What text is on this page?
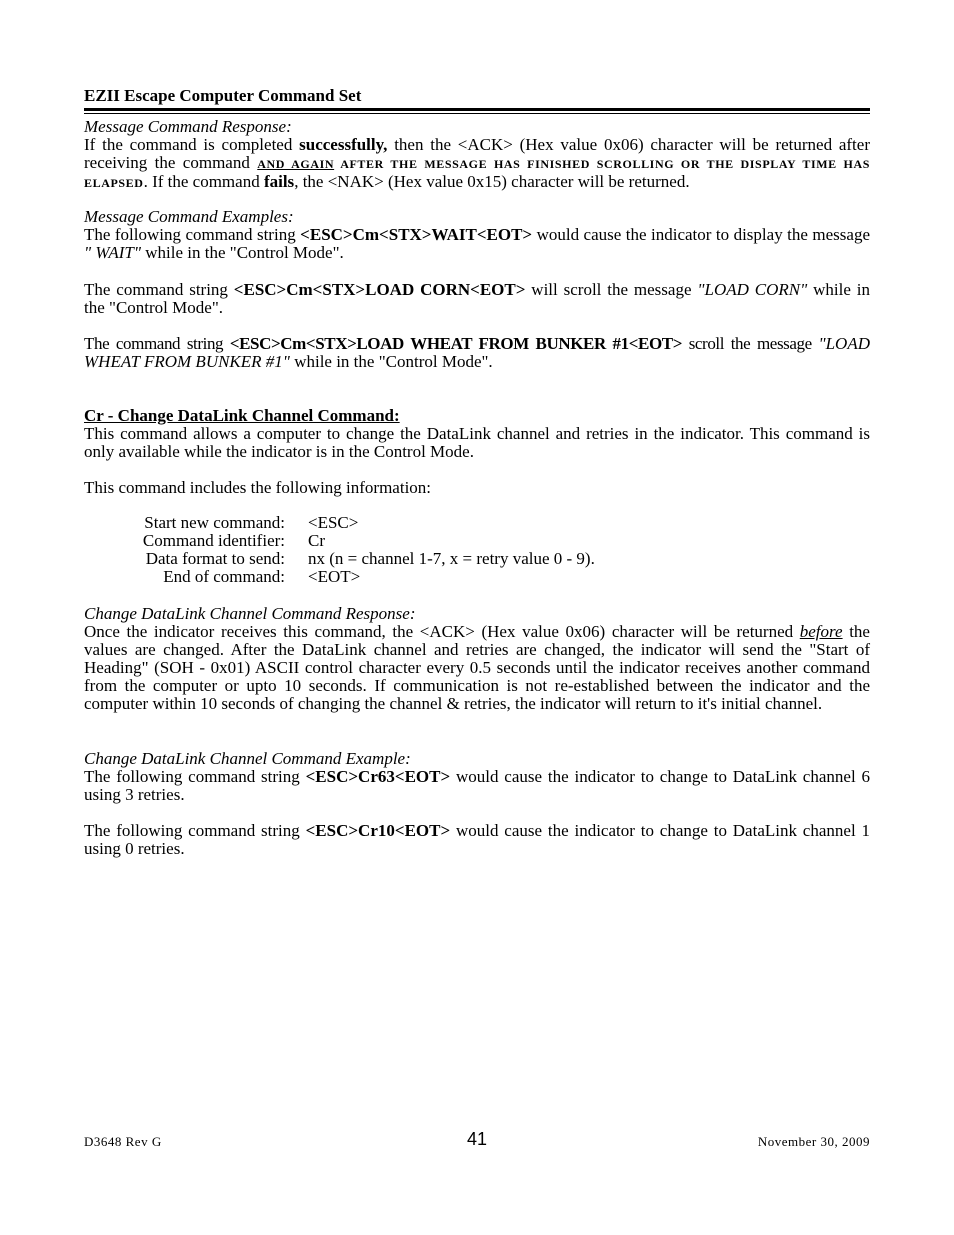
EZII Escape Computer Command Set
Message Command Response:
If the command is completed successfully, then the <ACK> (Hex value 0x06) character will be returned after receiving the command AND AGAIN AFTER THE MESSAGE HAS FINISHED SCROLLING OR THE DISPLAY TIME HAS ELAPSED. If the command fails, the <NAK> (Hex value 0x15) character will be returned.
Message Command Examples:
The following command string <ESC>Cm<STX>WAIT<EOT> would cause the indicator to display the message " WAIT" while in the "Control Mode".
The command string <ESC>Cm<STX>LOAD CORN<EOT> will scroll the message "LOAD CORN" while in the "Control Mode".
The command string <ESC>Cm<STX>LOAD WHEAT FROM BUNKER #1<EOT> scroll the message "LOAD WHEAT FROM BUNKER #1" while in the "Control Mode".
Cr - Change DataLink Channel Command:
This command allows a computer to change the DataLink channel and retries in the indicator. This command is only available while the indicator is in the Control Mode.
This command includes the following information:
Start new command: <ESC>
Command identifier: Cr
Data format to send: nx (n = channel 1-7, x = retry value 0 - 9).
End of command: <EOT>
Change DataLink Channel Command Response:
Once the indicator receives this command, the <ACK> (Hex value 0x06) character will be returned before the values are changed. After the DataLink channel and retries are changed, the indicator will send the "Start of Heading" (SOH - 0x01) ASCII control character every 0.5 seconds until the indicator receives another command from the computer or upto 10 seconds. If communication is not re-established between the indicator and the computer within 10 seconds of changing the channel & retries, the indicator will return to it's initial channel.
Change DataLink Channel Command Example:
The following command string <ESC>Cr63<EOT> would cause the indicator to change to DataLink channel 6 using 3 retries.
The following command string <ESC>Cr10<EOT> would cause the indicator to change to DataLink channel 1 using 0 retries.
D3648 Rev G	41	November 30, 2009
